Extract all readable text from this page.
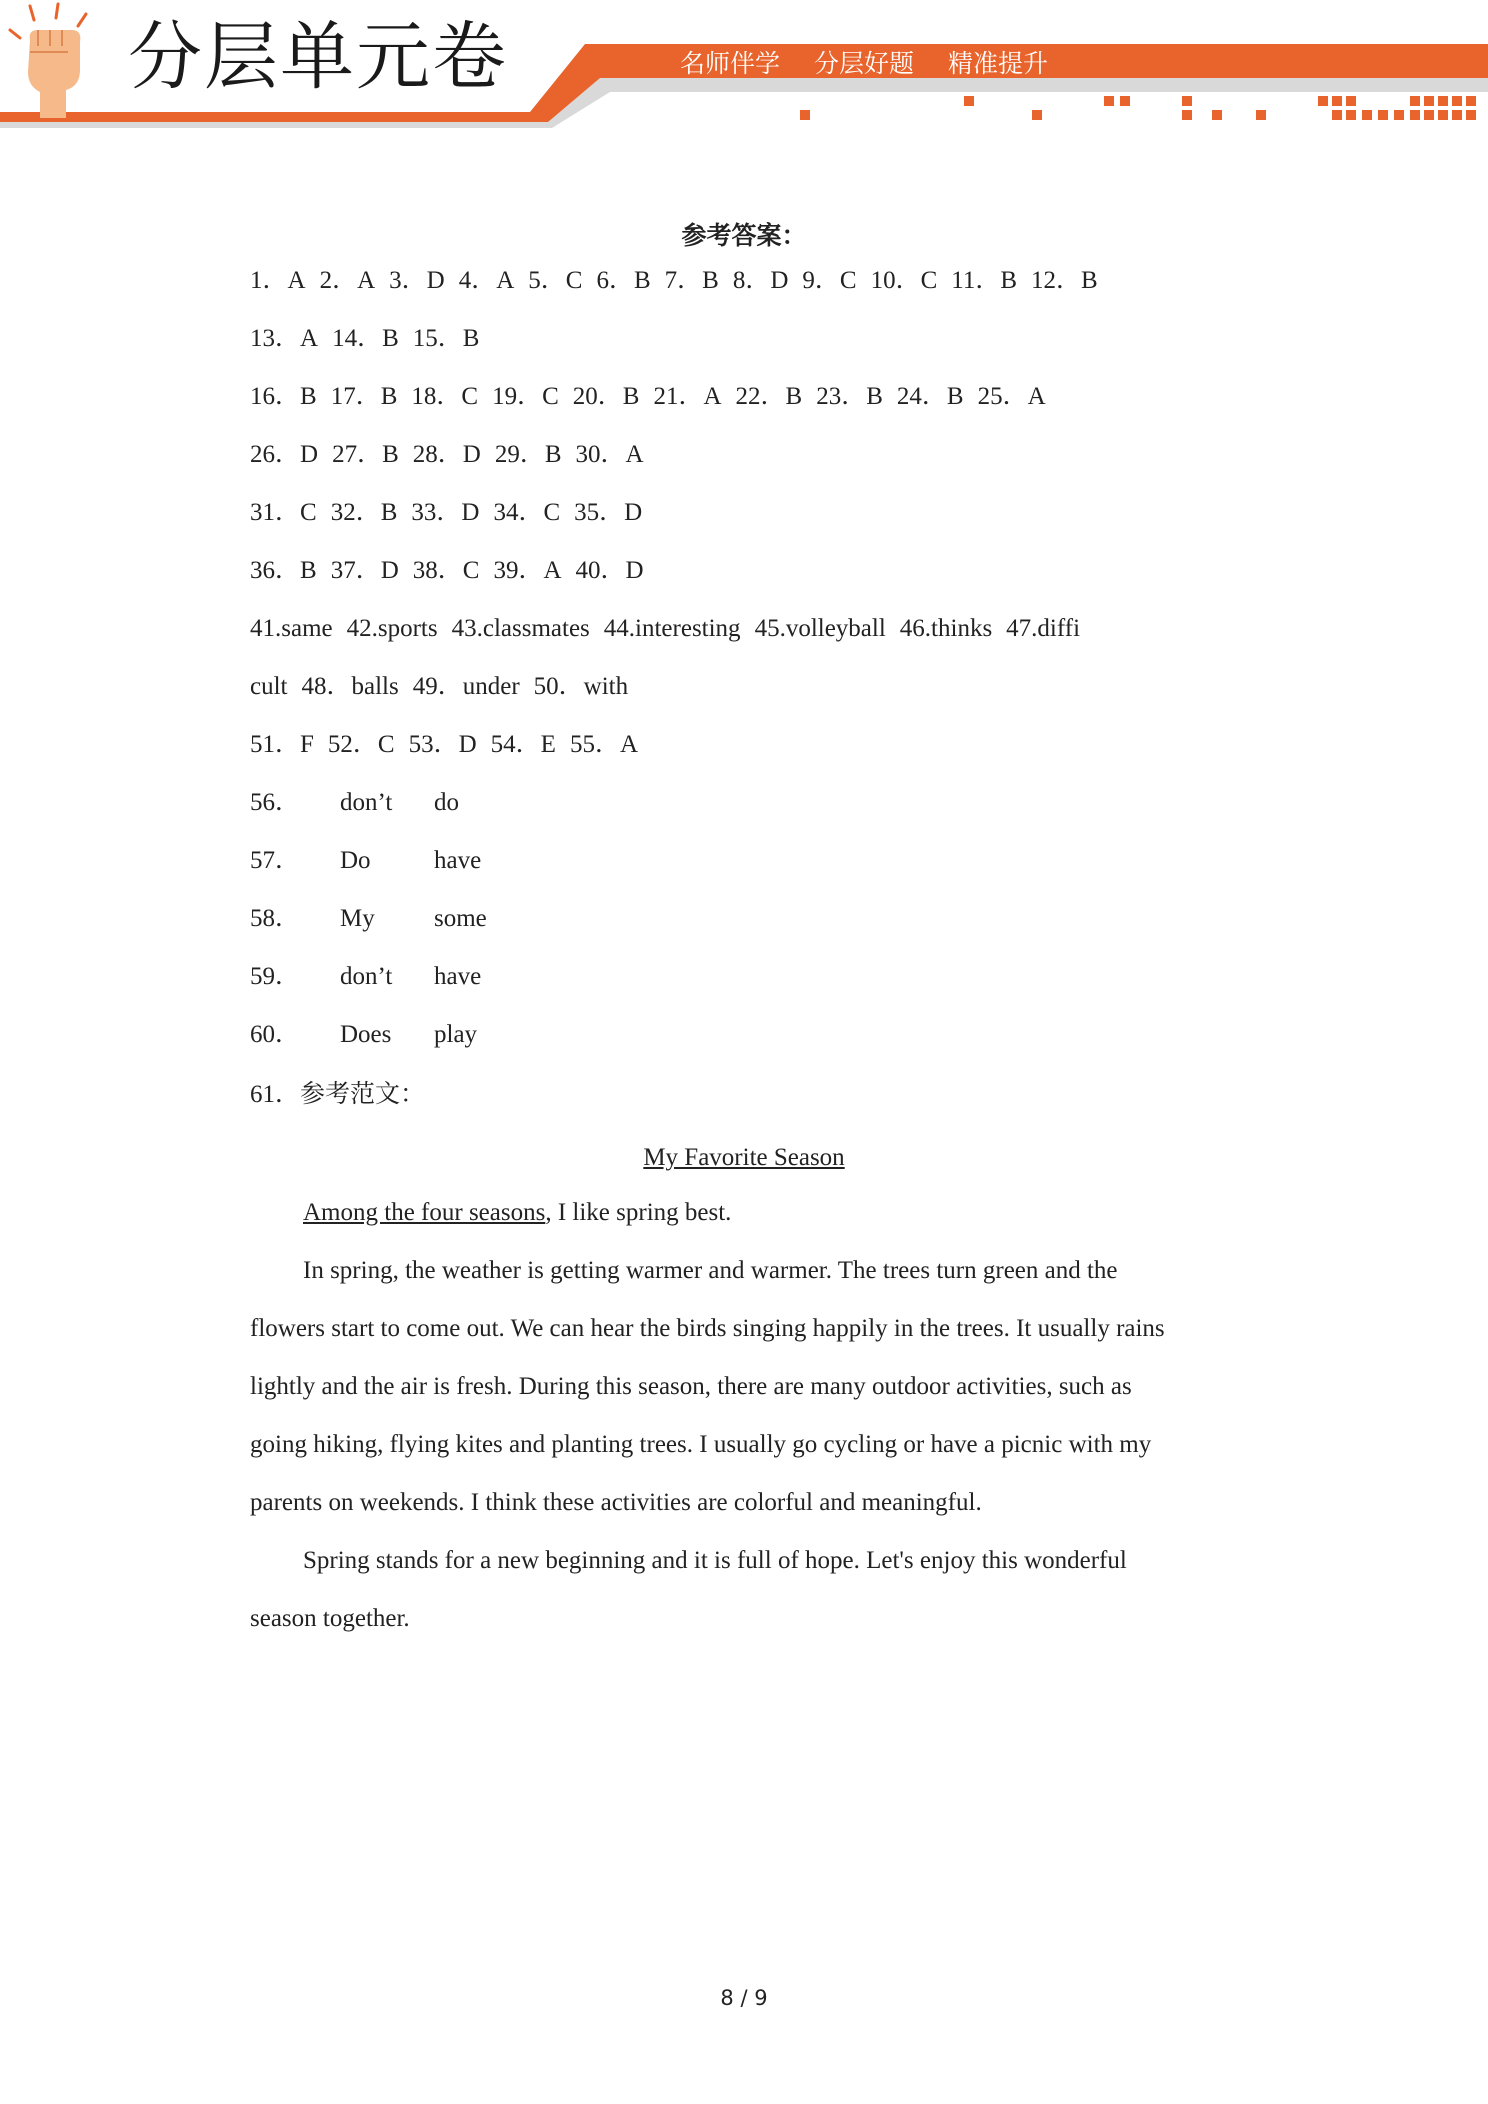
分层单元卷	名师伴学 分层好题 精准提升
参考答案：
1．A 2．A 3．D 4．A 5．C 6．B 7．B 8．D 9．C 10．C 11．B 12．B
13．A 14．B 15．B
16．B 17．B 18．C 19．C 20．B 21．A 22．B 23．B 24．B 25．A
26．D 27．B 28．D 29．B 30．A
31．C 32．B 33．D 34．C 35．D
36．B 37．D 38．C 39．A 40．D
41.same 42.sports 43.classmates 44.interesting 45.volleyball 46.thinks 47.diffi
cult 48．balls 49．under 50．with
51．F 52．C 53．D 54．E 55．A
56． don’t do
57． Do	have
58． My some
59． don’t have
60． Does play
61．参考范文：
My Favorite Season
Among the four seasons, I like spring best.
In spring, the weather is getting warmer and warmer. The trees turn green and the
flowers start to come out. We can hear the birds singing happily in the trees. It usually rains
lightly and the air is fresh. During this season, there are many outdoor activities, such as
going hiking, flying kites and planting trees. I usually go cycling or have a picnic with my
parents on weekends. I think these activities are colorful and meaningful.
Spring stands for a new beginning and it is full of hope. Let's enjoy this wonderful
season together.
8 / 9
